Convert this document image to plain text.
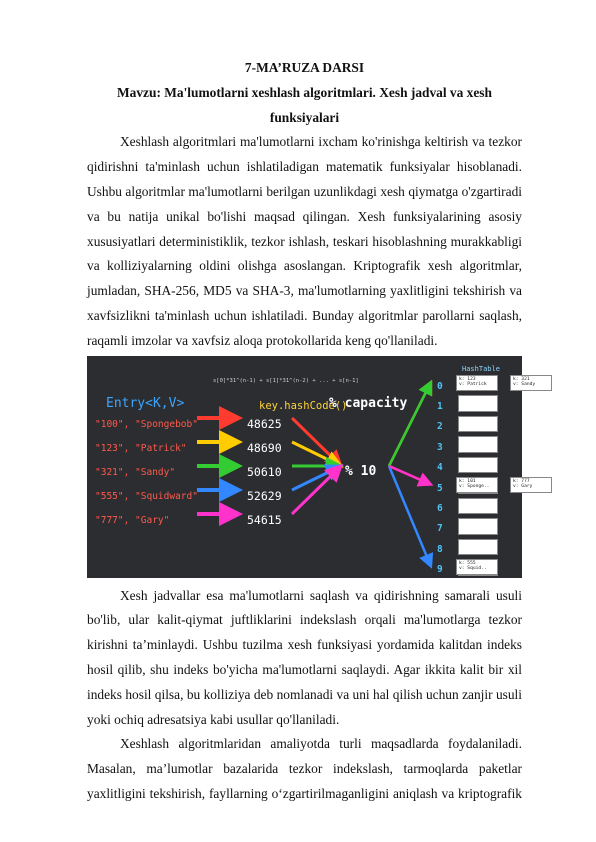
7-MA’RUZA DARSI

Mavzu: Ma'lumotlarni xeshlash algoritmlari. Xesh jadval va xesh

funksiyalari

Xeshlash algoritmlari ma'lumotlarni ixcham ko'rinishga keltirish va tezkor qidirishni ta'minlash uchun ishlatiladigan matematik funksiyalar hisoblanadi. Ushbu algoritmlar ma'lumotlarni berilgan uzunlikdagi xesh qiymatga o'zgartiradi va bu natija unikal bo'lishi maqsad qilingan. Xesh funksiyalarining asosiy xususiyatlari deterministiklik, tezkor ishlash, teskari hisoblashning murakkabligi va kolliziyalarning oldini olishga asoslangan. Kriptografik xesh algoritmlar, jumladan, SHA-256, MD5 va SHA-3, ma'lumotlarning yaxlitligini tekshirish va xavfsizlikni ta'minlash uchun ishlatiladi. Bunday algoritmlar parollarni saqlash, raqamli imzolar va xavfsiz aloqa protokollarida keng qo'llaniladi.

s[0]*31^(n-1) + s[1]*31^(n-2) + ... + s[n-1]
Entry<K,V>	key.hashCode()
% capacity
% 10
HashTable
"100", "Spongebob"
"123", "Patrick"
"321", "Sandy"
"555", "Squidward"
"777", "Gary"
48625
48690
50610
52629
54615
0
1
2
3
4
5
6
7
8
9
k: 123
v: Patrick
k: 321
v: Sandy
k: 101
v: Sponge..
k: 777
v: Gary
k: 555
v: Squid..

Xesh jadvallar esa ma'lumotlarni saqlash va qidirishning samarali usuli bo'lib, ular kalit-qiymat juftliklarini indekslash orqali ma'lumotlarga tezkor kirishni ta’minlaydi. Ushbu tuzilma xesh funksiyasi yordamida kalitdan indeks hosil qilib, shu indeks bo'yicha ma'lumotlarni saqlaydi. Agar ikkita kalit bir xil indeks hosil qilsa, bu kolliziya deb nomlanadi va uni hal qilish uchun zanjir usuli yoki ochiq adresatsiya kabi usullar qo'llaniladi.

Xeshlash algoritmlaridan amaliyotda turli maqsadlarda foydalaniladi. Masalan, ma’lumotlar bazalarida tezkor indekslash, tarmoqlarda paketlar yaxlitligini tekshirish, fayllarning o‘zgartirilmaganligini aniqlash va kriptografik
